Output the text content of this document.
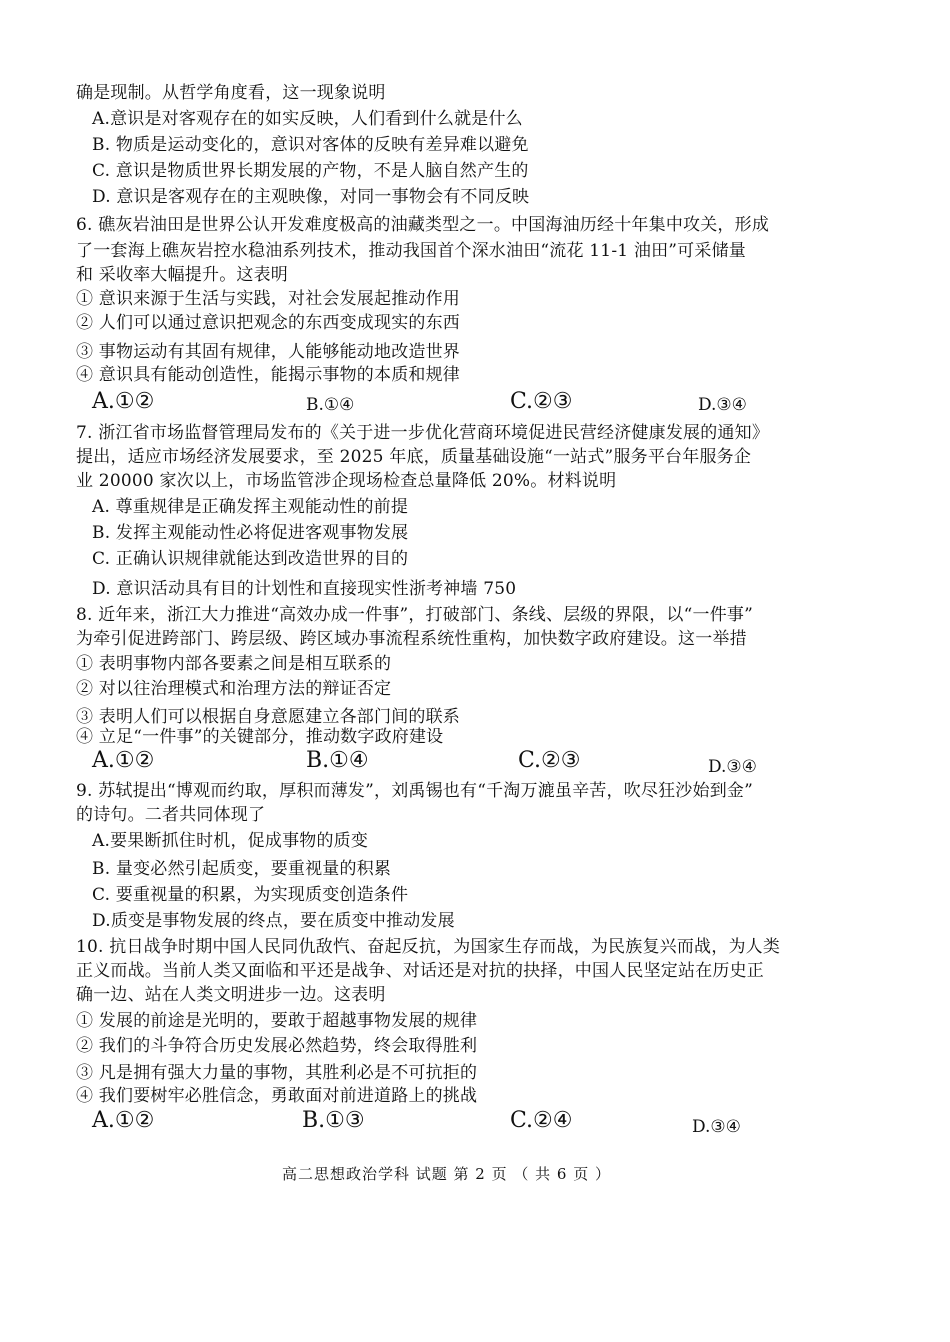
确是现制。从哲学角度看，这一现象说明
A.意识是对客观存在的如实反映，人们看到什么就是什么
B. 物质是运动变化的，意识对客体的反映有差异难以避免
C. 意识是物质世界长期发展的产物，不是人脑自然产生的
D. 意识是客观存在的主观映像，对同一事物会有不同反映
6. 礁灰岩油田是世界公认开发难度极高的油藏类型之一。中国海油历经十年集中攻关，形成
了一套海上礁灰岩控水稳油系列技术，推动我国首个深水油田“流花 11-1 油田”可采储量
和 采收率大幅提升。这表明
① 意识来源于生活与实践，对社会发展起推动作用
② 人们可以通过意识把观念的东西变成现实的东西
③ 事物运动有其固有规律，人能够能动地改造世界
④ 意识具有能动创造性，能揭示事物的本质和规律
A.①②	B.①④	C.②③	D.③④
7. 浙江省市场监督管理局发布的《关于进一步优化营商环境促进民营经济健康发展的通知》
提出，适应市场经济发展要求，至 2025 年底，质量基础设施“一站式”服务平台年服务企
业 20000 家次以上，市场监管涉企现场检查总量降低 20%。材料说明
A. 尊重规律是正确发挥主观能动性的前提
B. 发挥主观能动性必将促进客观事物发展
C. 正确认识规律就能达到改造世界的目的
D. 意识活动具有目的计划性和直接现实性浙考神墙 750
8. 近年来，浙江大力推进“高效办成一件事”，打破部门、条线、层级的界限，以“一件事”
为牵引促进跨部门、跨层级、跨区域办事流程系统性重构，加快数字政府建设。这一举措
① 表明事物内部各要素之间是相互联系的
② 对以往治理模式和治理方法的辩证否定
③ 表明人们可以根据自身意愿建立各部门间的联系
④ 立足“一件事”的关键部分，推动数字政府建设
A.①②	B.①④	C.②③	D.③④
9. 苏轼提出“博观而约取，厚积而薄发”，刘禹锡也有“千淘万漉虽辛苦，吹尽狂沙始到金”
的诗句。二者共同体现了
A.要果断抓住时机，促成事物的质变
B. 量变必然引起质变，要重视量的积累
C. 要重视量的积累，为实现质变创造条件
D.质变是事物发展的终点，要在质变中推动发展
10. 抗日战争时期中国人民同仇敌忾、奋起反抗，为国家生存而战，为民族复兴而战，为人类
正义而战。当前人类又面临和平还是战争、对话还是对抗的抉择，中国人民坚定站在历史正
确一边、站在人类文明进步一边。这表明
① 发展的前途是光明的，要敢于超越事物发展的规律
② 我们的斗争符合历史发展必然趋势，终会取得胜利
③ 凡是拥有强大力量的事物，其胜利必是不可抗拒的
④ 我们要树牢必胜信念，勇敢面对前进道路上的挑战
A.①②	B.①③	C.②④	D.③④
高二思想政治学科 试题 第 2 页 （ 共 6 页 ）
